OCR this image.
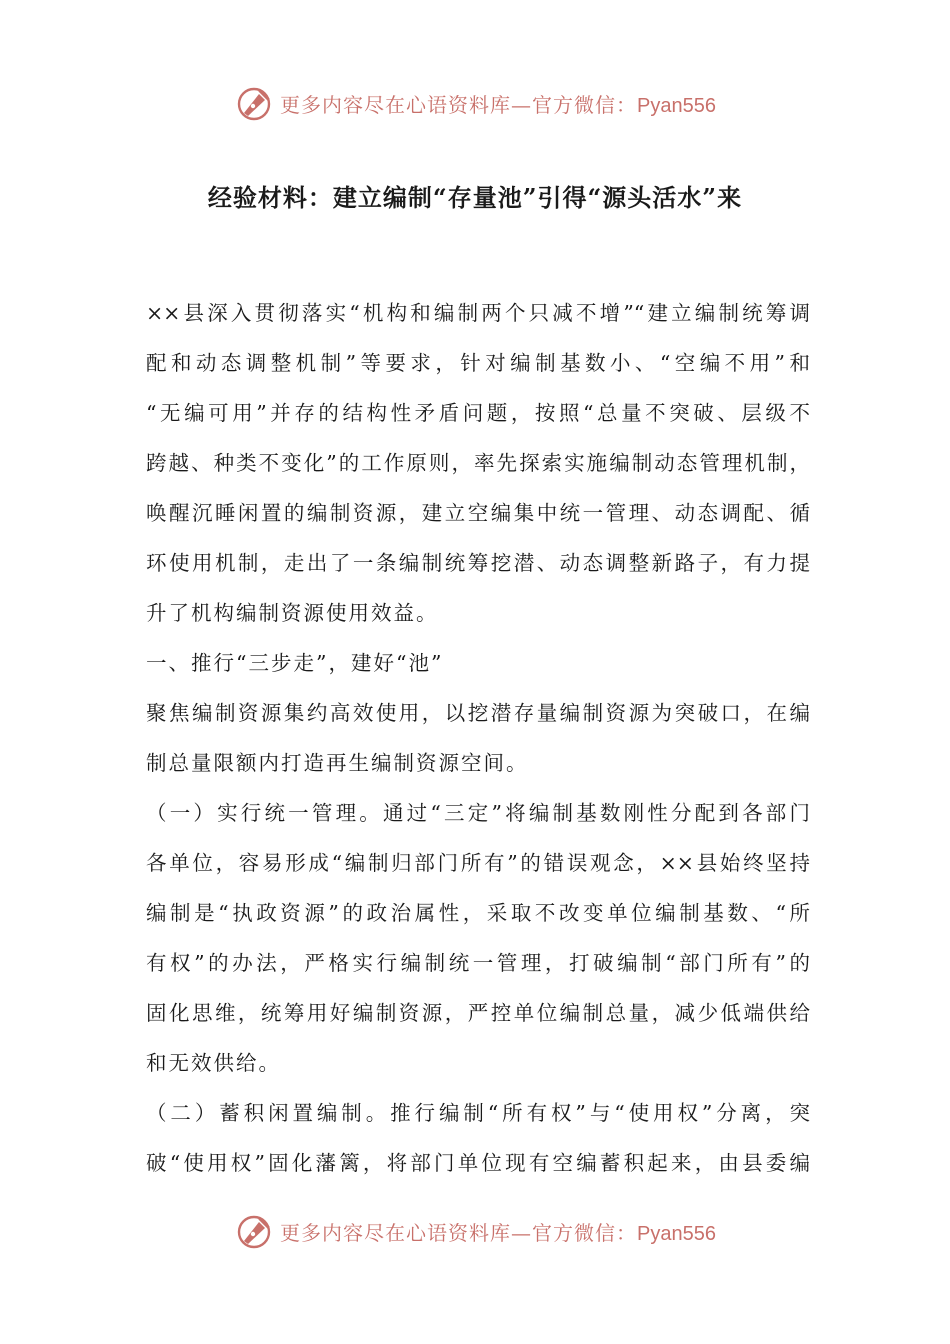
更多内容尽在心语资料库—官方微信：Pyan556
经验材料：建立编制“存量池”引得“源头活水”来
××县深入贯彻落实“机构和编制两个只减不增”“建立编制统筹调
配和动态调整机制”等要求，针对编制基数小、“空编不用”和
“无编可用”并存的结构性矛盾问题，按照“总量不突破、层级不
跨越、种类不变化”的工作原则，率先探索实施编制动态管理机制，
唤醒沉睡闲置的编制资源，建立空编集中统一管理、动态调配、循
环使用机制，走出了一条编制统筹挖潜、动态调整新路子，有力提
升了机构编制资源使用效益。
一、推行“三步走”，建好“池”
聚焦编制资源集约高效使用，以挖潜存量编制资源为突破口，在编
制总量限额内打造再生编制资源空间。
（一）实行统一管理。通过“三定”将编制基数刚性分配到各部门
各单位，容易形成“编制归部门所有”的错误观念，××县始终坚持
编制是“执政资源”的政治属性，采取不改变单位编制基数、“所
有权”的办法，严格实行编制统一管理，打破编制“部门所有”的
固化思维，统筹用好编制资源，严控单位编制总量，减少低端供给
和无效供给。
（二）蓄积闲置编制。推行编制“所有权”与“使用权”分离，突
破“使用权”固化藩篱，将部门单位现有空编蓄积起来，由县委编
更多内容尽在心语资料库—官方微信：Pyan556
